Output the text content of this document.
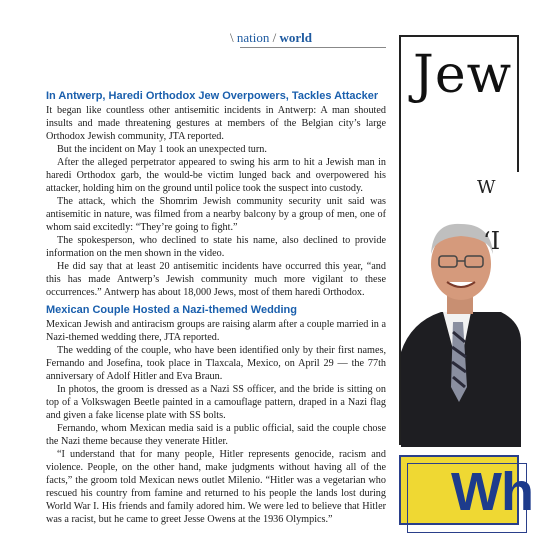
\ nation / world
In Antwerp, Haredi Orthodox Jew Overpowers, Tackles Attacker

It began like countless other antisemitic incidents in Antwerp: A man shouted insults and made threatening gestures at members of the Belgian city’s large Orthodox Jewish community, JTA reported.

But the incident on May 1 took an unexpected turn.

After the alleged perpetrator appeared to swing his arm to hit a Jewish man in haredi Orthodox garb, the would-be victim lunged back and overpowered his attacker, holding him on the ground until police took the suspect into custody.

The attack, which the Shomrim Jewish community security unit said was antisemitic in nature, was filmed from a nearby balcony by a group of men, one of whom said excitedly: “They’re going to fight.”

The spokesperson, who declined to state his name, also declined to provide information on the men shown in the video.

He did say that at least 20 antisemitic incidents have occurred this year, “and this has made Antwerp’s Jewish community much more vigilant to these occurrences.” Antwerp has about 18,000 Jews, most of them haredi Orthodox.

Mexican Couple Hosted a Nazi-themed Wedding

Mexican Jewish and antiracism groups are raising alarm after a couple married in a Nazi-themed wedding there, JTA reported.

The wedding of the couple, who have been identified only by their first names, Fernando and Josefina, took place in Tlaxcala, Mexico, on April 29 — the 77th anniversary of Adolf Hitler and Eva Braun.

In photos, the groom is dressed as a Nazi SS officer, and the bride is sitting on top of a Volkswagen Beetle painted in a camouflage pattern, draped in a Nazi flag and given a fake license plate with SS bolts.

Fernando, whom Mexican media said is a public official, said the couple chose the Nazi theme because they venerate Hitler.

“I understand that for many people, Hitler represents genocide, racism and violence. People, on the other hand, make judgments without having all of the facts,” the groom told Mexican news outlet Milenio. “Hitler was a vegetarian who rescued his country from famine and returned to his people the lands lost during World War I. His friends and family adored him. We were led to believe that Hitler was a racist, but he came to greet Jesse Owens at the 1936 Olympics.”

Jew
W
‘I
Wh
